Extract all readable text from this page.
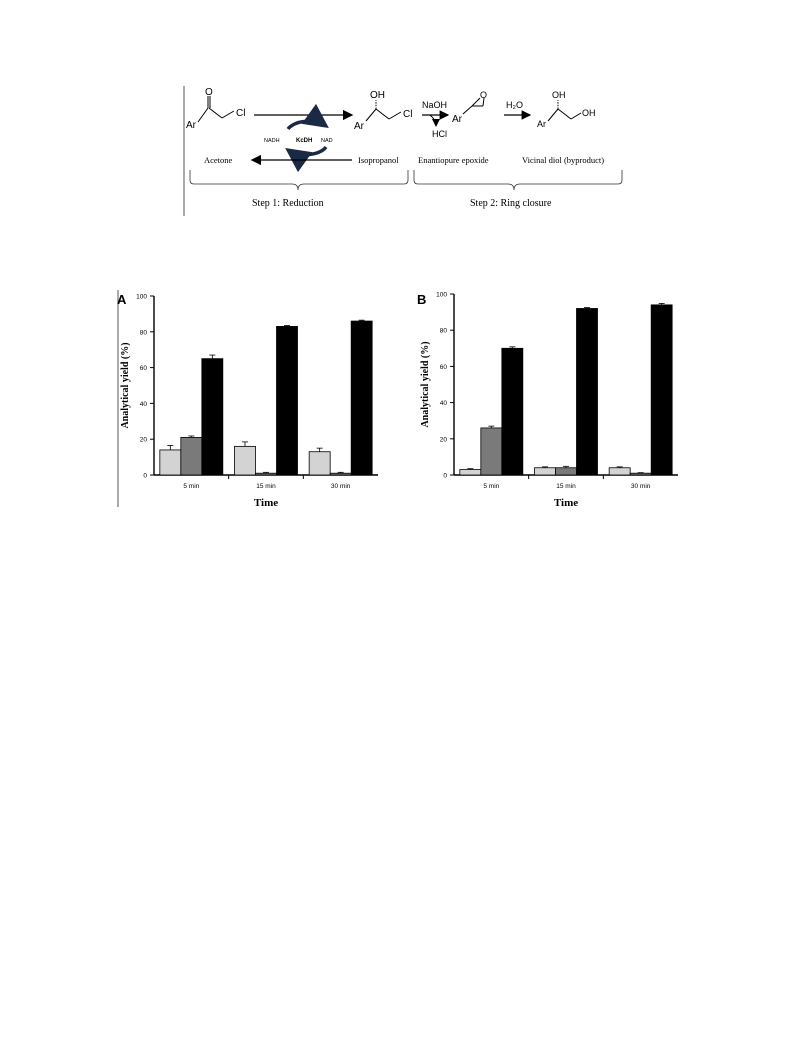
O
Ar
Cl
KcDH
NADH	NAD
Acetone	Isopropanol
OH
Ar
Cl
NaOH
HCl
O
Ar
H₂O
OH
OH
Ar
Enantiopure epoxide	Vicinal diol (byproduct)
Step 1: Reduction	Step 2: Ring closure
A
0
20
40
60
80
100
Analytical yield (%)
Time
5 min	15 min	30 min
B
0
20
40
60
80
100
Analytical yield (%)
Time
5 min	15 min	30 min
